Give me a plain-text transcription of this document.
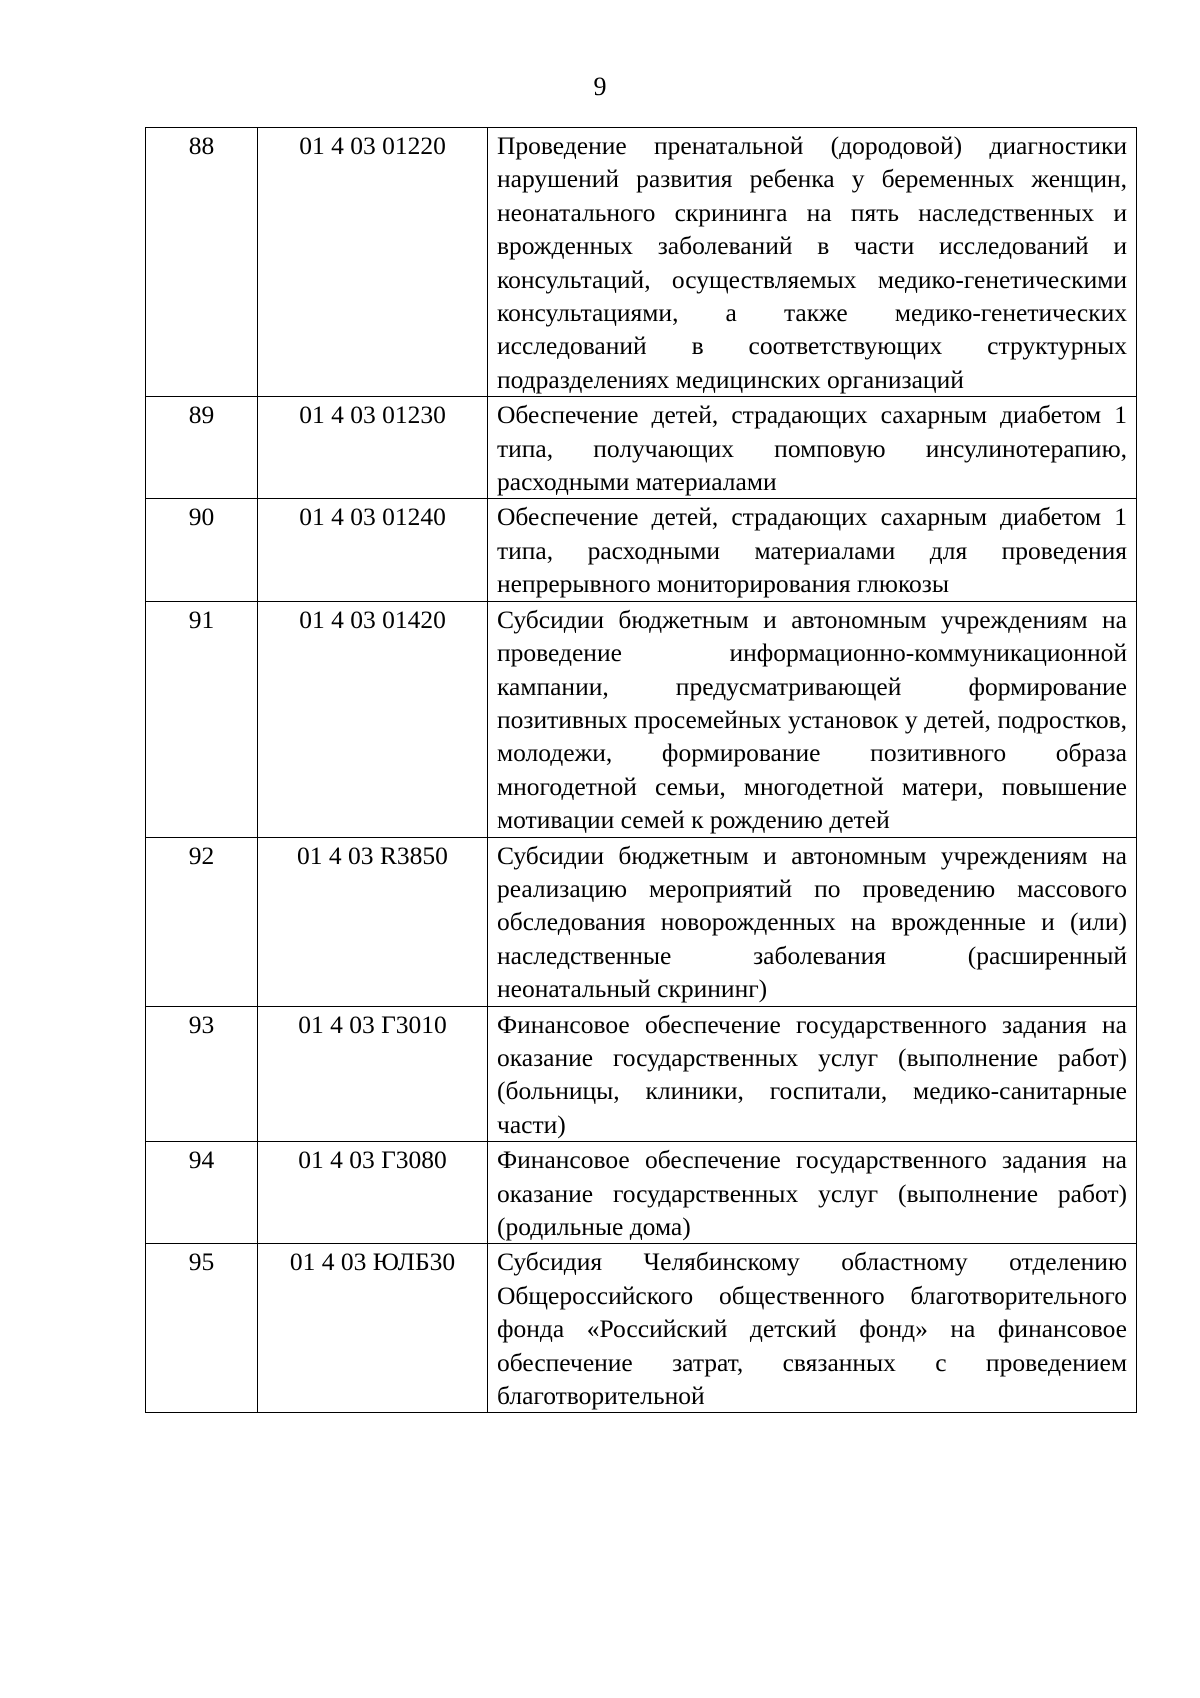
9
88	01 4 03 01220	Проведение пренатальной (дородовой) диагностики нарушений развития ребенка у беременных женщин, неонатального скрининга на пять наследственных и врожденных заболеваний в части исследований и консультаций, осуществляемых медико-генетическими консультациями, а также медико-генетических исследований в соответствующих структурных подразделениях медицинских организаций
89	01 4 03 01230	Обеспечение детей, страдающих сахарным диабетом 1 типа, получающих помповую инсулинотерапию, расходными материалами
90	01 4 03 01240	Обеспечение детей, страдающих сахарным диабетом 1 типа, расходными материалами для проведения непрерывного мониторирования глюкозы
91	01 4 03 01420	Субсидии бюджетным и автономным учреждениям на проведение информационно-коммуникационной кампании, предусматривающей формирование позитивных просемейных установок у детей, подростков, молодежи, формирование позитивного образа многодетной семьи, многодетной матери, повышение мотивации семей к рождению детей
92	01 4 03 R3850	Субсидии бюджетным и автономным учреждениям на реализацию мероприятий по проведению массового обследования новорожденных на врожденные и (или) наследственные заболевания (расширенный неонатальный скрининг)
93	01 4 03 Г3010	Финансовое обеспечение государственного задания на оказание государственных услуг (выполнение работ) (больницы, клиники, госпитали, медико-санитарные части)
94	01 4 03 Г3080	Финансовое обеспечение государственного задания на оказание государственных услуг (выполнение работ) (родильные дома)
95	01 4 03 ЮЛБ30	Субсидия Челябинскому областному отделению Общероссийского общественного благотворительного фонда «Российский детский фонд» на финансовое обеспечение затрат, связанных с проведением благотворительной
